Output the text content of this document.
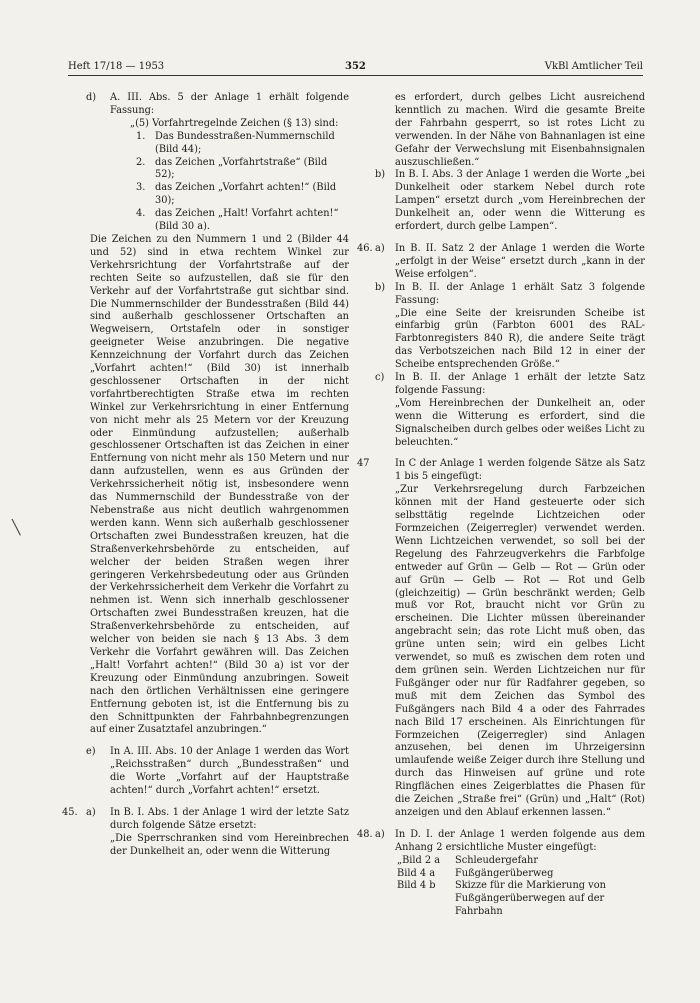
Heft 17/18 — 1953	352	VkBl Amtlicher Teil
d)	A. III. Abs. 5 der Anlage 1 erhält folgende Fassung:

„(5) Vorfahrtregelnde Zeichen (§ 13) sind:

1. Das Bundesstraßen-Nummernschild (Bild 44);
2. das Zeichen „Vorfahrtstraße“ (Bild 52);
3. das Zeichen „Vorfahrt achten!“ (Bild 30);
4. das Zeichen „Halt! Vorfahrt achten!“ (Bild 30 a).

Die Zeichen zu den Nummern 1 und 2 (Bilder 44 und 52) sind in etwa rechtem Winkel zur Verkehrsrichtung der Vorfahrtstraße auf der rechten Seite so aufzustellen, daß sie für den Verkehr auf der Vorfahrtstraße gut sichtbar sind. Die Nummernschilder der Bundesstraßen (Bild 44) sind außerhalb geschlossener Ortschaften an Wegweisern, Ortstafeln oder in sonstiger geeigneter Weise anzubringen. Die negative Kennzeichnung der Vorfahrt durch das Zeichen „Vorfahrt achten!“ (Bild 30) ist innerhalb geschlossener Ortschaften in der nicht vorfahrtberechtigten Straße etwa im rechten Winkel zur Verkehrsrichtung in einer Entfernung von nicht mehr als 25 Metern vor der Kreuzung oder Einmündung aufzustellen; außerhalb geschlossener Ortschaften ist das Zeichen in einer Entfernung von nicht mehr als 150 Metern und nur dann aufzustellen, wenn es aus Gründen der Verkehrssicherheit nötig ist, insbesondere wenn das Nummernschild der Bundesstraße von der Nebenstraße aus nicht deutlich wahrgenommen werden kann. Wenn sich außerhalb geschlossener Ortschaften zwei Bundesstraßen kreuzen, hat die Straßenverkehrsbehörde zu entscheiden, auf welcher der beiden Straßen wegen ihrer geringeren Verkehrsbedeutung oder aus Gründen der Verkehrssicherheit dem Verkehr die Vorfahrt zu nehmen ist. Wenn sich innerhalb geschlossener Ortschaften zwei Bundesstraßen kreuzen, hat die Straßenverkehrsbehörde zu entscheiden, auf welcher von beiden sie nach § 13 Abs. 3 dem Verkehr die Vorfahrt gewähren will. Das Zeichen „Halt! Vorfahrt achten!“ (Bild 30 a) ist vor der Kreuzung oder Einmündung anzubringen. Soweit nach den örtlichen Verhältnissen eine geringere Entfernung geboten ist, ist die Entfernung bis zu den Schnittpunkten der Fahrbahnbegrenzungen auf einer Zusatztafel anzubringen.“

e)	In A. III. Abs. 10 der Anlage 1 werden das Wort „Reichsstraßen“ durch „Bundesstraßen“ und die Worte „Vorfahrt auf der Hauptstraße achten!“ durch „Vorfahrt achten!“ ersetzt.

45. a)	In B. I. Abs. 1 der Anlage 1 wird der letzte Satz durch folgende Sätze ersetzt:

„Die Sperrschranken sind vom Hereinbrechen der Dunkelheit an, oder wenn die Witterung

es erfordert, durch gelbes Licht ausreichend kenntlich zu machen. Wird die gesamte Breite der Fahrbahn gesperrt, so ist rotes Licht zu verwenden. In der Nähe von Bahnanlagen ist eine Gefahr der Verwechslung mit Eisenbahnsignalen auszuschließen.“

b)	In B. I. Abs. 3 der Anlage 1 werden die Worte „bei Dunkelheit oder starkem Nebel durch rote Lampen“ ersetzt durch „vom Hereinbrechen der Dunkelheit an, oder wenn die Witterung es erfordert, durch gelbe Lampen“.

46. a)	In B. II. Satz 2 der Anlage 1 werden die Worte „erfolgt in der Weise“ ersetzt durch „kann in der Weise erfolgen“.

b)	In B. II. der Anlage 1 erhält Satz 3 folgende Fassung:

„Die eine Seite der kreisrunden Scheibe ist einfarbig grün (Farbton 6001 des RAL-Farbtonregisters 840 R), die andere Seite trägt das Verbotszeichen nach Bild 12 in einer der Scheibe entsprechenden Größe.“

c)	In B. II. der Anlage 1 erhält der letzte Satz folgende Fassung:

„Vom Hereinbrechen der Dunkelheit an, oder wenn die Witterung es erfordert, sind die Signalscheiben durch gelbes oder weißes Licht zu beleuchten.“

47	In C der Anlage 1 werden folgende Sätze als Satz 1 bis 5 eingefügt:

„Zur Verkehrsregelung durch Farbzeichen können mit der Hand gesteuerte oder sich selbsttätig regelnde Lichtzeichen oder Formzeichen (Zeigerregler) verwendet werden. Wenn Lichtzeichen verwendet, so soll bei der Regelung des Fahrzeugverkehrs die Farbfolge entweder auf Grün — Gelb — Rot — Grün oder auf Grün — Gelb — Rot — Rot und Gelb (gleichzeitig) — Grün beschränkt werden; Gelb muß vor Rot, braucht nicht vor Grün zu erscheinen. Die Lichter müssen übereinander angebracht sein; das rote Licht muß oben, das grüne unten sein; wird ein gelbes Licht verwendet, so muß es zwischen dem roten und dem grünen sein. Werden Lichtzeichen nur für Fußgänger oder nur für Radfahrer gegeben, so muß mit dem Zeichen das Symbol des Fußgängers nach Bild 4 a oder des Fahrrades nach Bild 17 erscheinen. Als Einrichtungen für Formzeichen (Zeigerregler) sind Anlagen anzusehen, bei denen im Uhrzeigersinn umlaufende weiße Zeiger durch ihre Stellung und durch das Hinweisen auf grüne und rote Ringflächen eines Zeigerblattes die Phasen für die Zeichen „Straße frei“ (Grün) und „Halt“ (Rot) anzeigen und den Ablauf erkennen lassen.“

48. a)	In D. I. der Anlage 1 werden folgende aus dem Anhang 2 ersichtliche Muster eingefügt:

„Bild 2 a	Schleudergefahr
Bild 4 a	Fußgängerüberweg
Bild 4 b	Skizze für die Markierung von Fußgängerüberwegen auf der Fahrbahn
╲
